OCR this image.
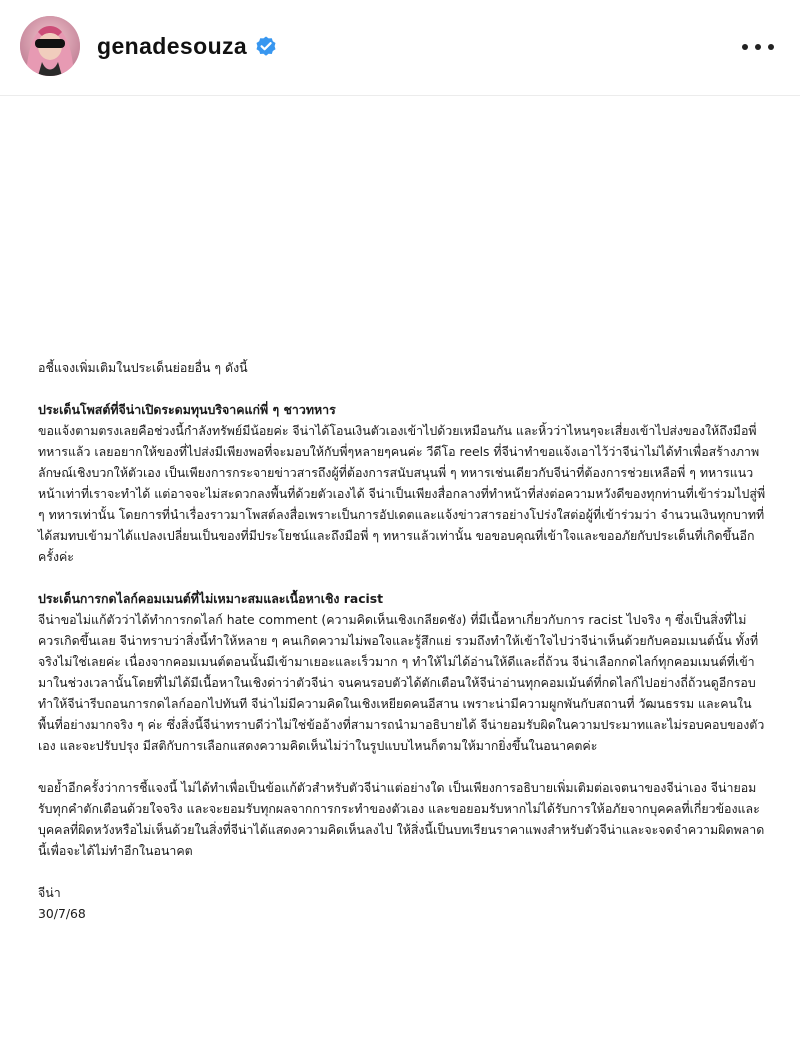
genadesouza

อชี้แจงเพิ่มเติมในประเด็นย่อยอื่น ๆ ดังนี้

ประเด็นโพสต์ที่จีน่าเปิดระดมทุนบริจาคแก่พี่ ๆ ชาวทหาร

ขอแจ้งตามตรงเลยคือช่วงนี้กำลังทรัพย์มีน้อยค่ะ จีน่าได้โอนเงินตัวเองเข้าไปด้วยเหมือนกัน และหิ้วว่าไหนๆจะเสี่ยงเข้าไปส่งของให้ถึงมือพี่ทหารแล้ว เลยอยากให้ของที่ไปส่งมีเพียงพอที่จะมอบให้กับพี่ๆหลายๆคนค่ะ วีดีโอ reels ที่จีน่าทำขอแจ้งเอาไว้ว่าจีน่าไม่ได้ทำเพื่อสร้างภาพลักษณ์เชิงบวกให้ตัวเอง เป็นเพียงการกระจายข่าวสารถึงผู้ที่ต้องการสนับสนุนพี่ ๆ ทหารเช่นเดียวกับจีน่าที่ต้องการช่วยเหลือพี่ ๆ ทหารแนวหน้าเท่าที่เราจะทำได้ แต่อาจจะไม่สะดวกลงพื้นที่ด้วยตัวเองได้ จีน่าเป็นเพียงสื่อกลางที่ทำหน้าที่ส่งต่อความหวังดีของทุกท่านที่เข้าร่วมไปสู่พี่ ๆ ทหารเท่านั้น โดยการที่นำเรื่องราวมาโพสต์ลงสื่อเพราะเป็นการอัปเดตและแจ้งข่าวสารอย่างโปร่งใสต่อผู้ที่เข้าร่วมว่า จำนวนเงินทุกบาทที่ได้สมทบเข้ามาได้แปลงเปลี่ยนเป็นของที่มีประโยชน์และถึงมือพี่ ๆ ทหารแล้วเท่านั้น ขอขอบคุณที่เข้าใจและขออภัยกับประเด็นที่เกิดขึ้นอีกครั้งค่ะ

ประเด็นการกดไลก์คอมเมนต์ที่ไม่เหมาะสมและเนื้อหาเชิง racist

จีน่าขอไม่แก้ตัวว่าได้ทำการกดไลก์ hate comment (ความคิดเห็นเชิงเกลียดชัง) ที่มีเนื้อหาเกี่ยวกับการ racist ไปจริง ๆ ซึ่งเป็นสิ่งที่ไม่ควรเกิดขึ้นเลย จีน่าทราบว่าสิ่งนี้ทำให้หลาย ๆ คนเกิดความไม่พอใจและรู้สึกแย่ รวมถึงทำให้เข้าใจไปว่าจีน่าเห็นด้วยกับคอมเมนต์นั้น ทั้งที่จริงไม่ใช่เลยค่ะ เนื่องจากคอมเมนต์ตอนนั้นมีเข้ามาเยอะและเร็วมาก ๆ ทำให้ไม่ได้อ่านให้ดีและถี่ถ้วน จีน่าเลือกกดไลก์ทุกคอมเมนต์ที่เข้ามาในช่วงเวลานั้นโดยที่ไม่ได้มีเนื้อหาในเชิงด่าว่าตัวจีน่า จนคนรอบตัวได้ตักเตือนให้จีน่าอ่านทุกคอมเม้นต์ที่กดไลก์ไปอย่างถี่ถ้วนดูอีกรอบ ทำให้จีน่ารีบถอนการกดไลก์ออกไปทันที จีน่าไม่มีความคิดในเชิงเหยียดคนอีสาน เพราะน่ามีความผูกพันกับสถานที่ วัฒนธรรม และคนในพื้นที่อย่างมากจริง ๆ ค่ะ ซึ่งสิ่งนี้จีน่าทราบดีว่าไม่ใช่ข้ออ้างที่สามารถนำมาอธิบายได้ จีน่ายอมรับผิดในความประมาทและไม่รอบคอบของตัวเอง และจะปรับปรุง มีสติกับการเลือกแสดงความคิดเห็นไม่ว่าในรูปแบบไหนก็ตามให้มากยิ่งขึ้นในอนาคตค่ะ

ขอย้ำอีกครั้งว่าการชี้แจงนี้ ไม่ได้ทำเพื่อเป็นข้อแก้ตัวสำหรับตัวจีน่าแต่อย่างใด เป็นเพียงการอธิบายเพิ่มเติมต่อเจตนาของจีน่าเอง จีน่ายอมรับทุกคำตักเตือนด้วยใจจริง และจะยอมรับทุกผลจากการกระทำของตัวเอง และขอยอมรับหากไม่ได้รับการให้อภัยจากบุคคลที่เกี่ยวข้องและบุคคลที่ผิดหวังหรือไม่เห็นด้วยในสิ่งที่จีน่าได้แสดงความคิดเห็นลงไป ให้สิ่งนี้เป็นบทเรียนราคาแพงสำหรับตัวจีน่าและจะจดจำความผิดพลาดนี้เพื่อจะได้ไม่ทำอีกในอนาคต

จีน่า

30/7/68
